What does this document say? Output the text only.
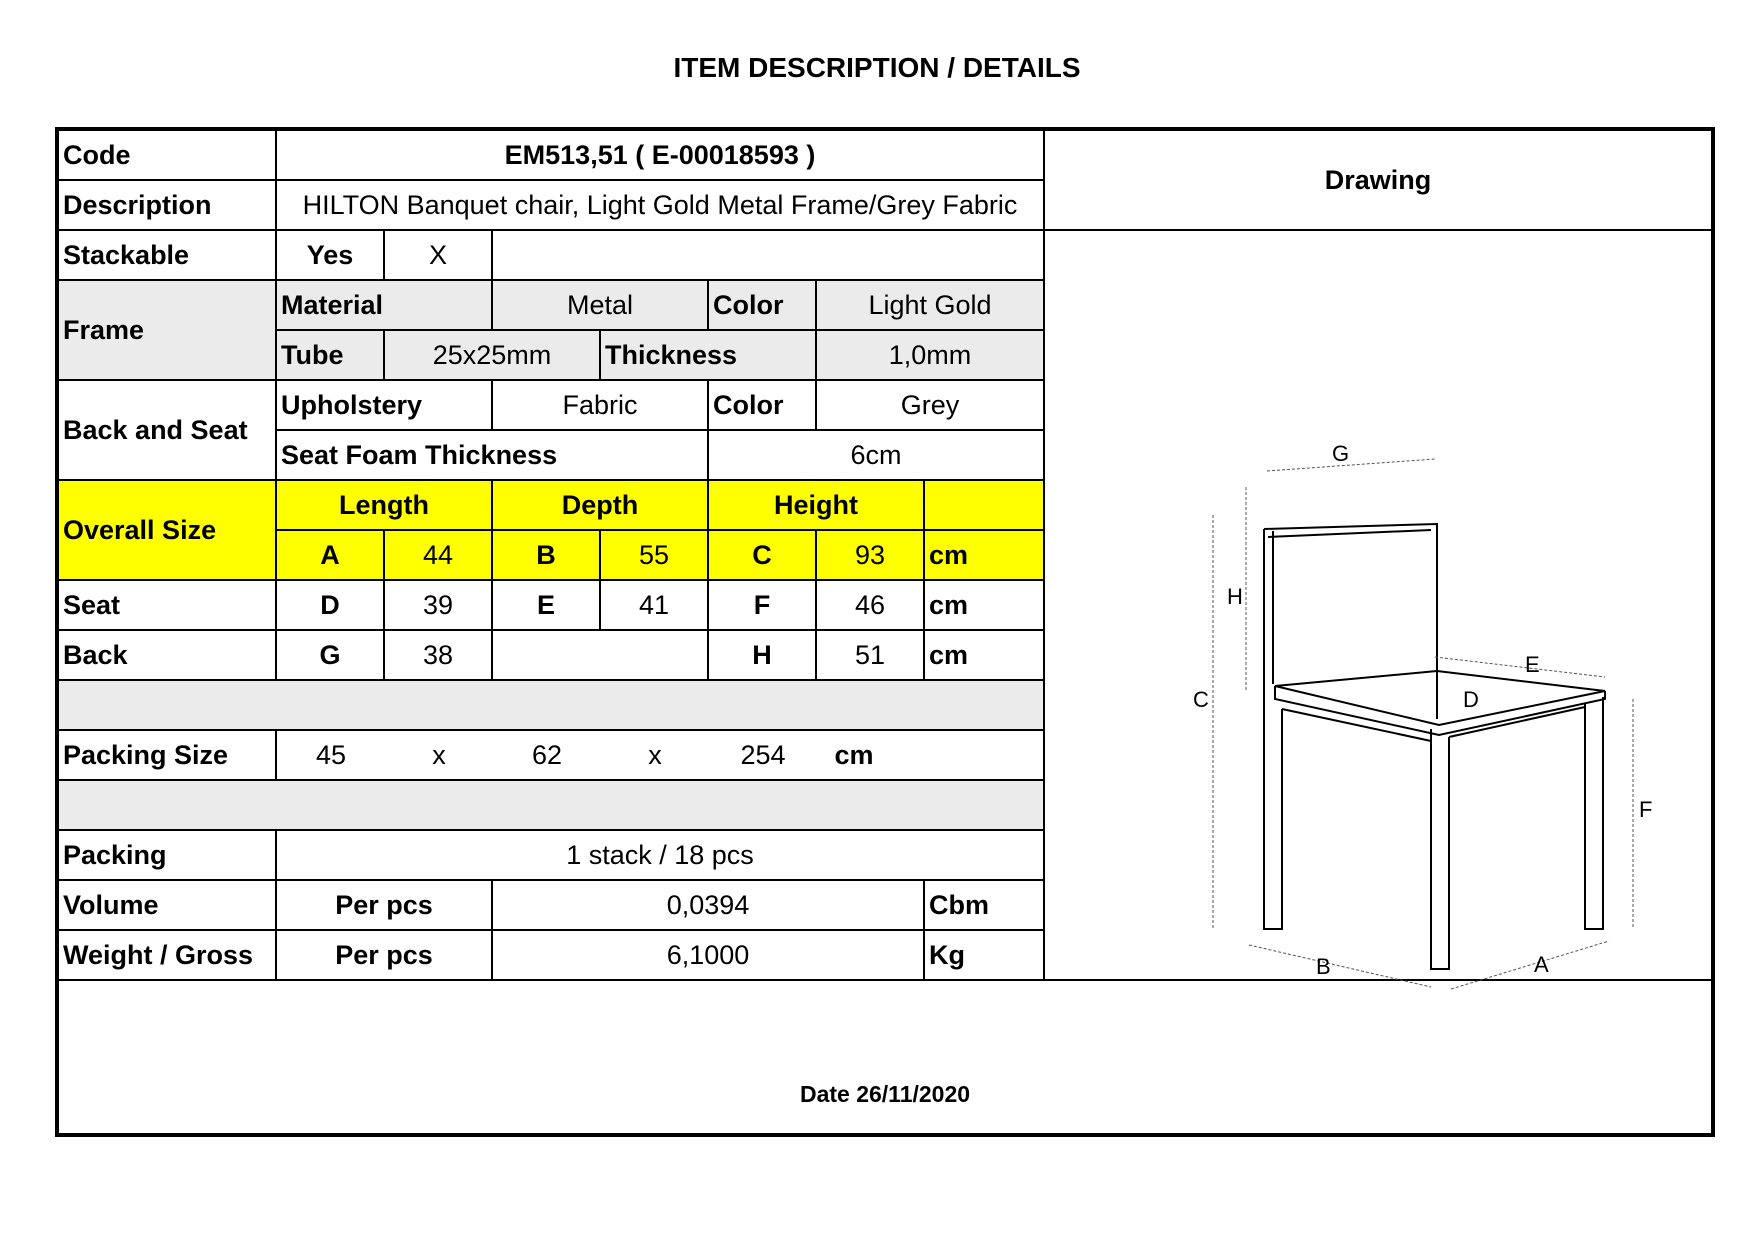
ITEM DESCRIPTION / DETAILS
Code	EM513,51 ( E-00018593 )
Drawing
Description	HILTON Banquet chair, Light Gold Metal Frame/Grey Fabric
Stackable	Yes	X
Frame
Material	Metal	Color	Light Gold
Tube	25x25mm	Thickness	1,0mm
Back and Seat
Upholstery	Fabric	Color	Grey
Seat Foam Thickness	6cm
Overall Size
Length	Depth	Height
A	44	B	55	C	93	cm
Seat	D	39	E	41	F	46	cm
Back	G	38	H	51	cm
Packing Size	45	x	62	x	254	cm
Packing	1 stack / 18 pcs
Volume	Per pcs	0,0394	Cbm
Weight / Gross	Per pcs	6,1000	Kg
Date 26/11/2020
G
H
C
E
D
F
B	A
